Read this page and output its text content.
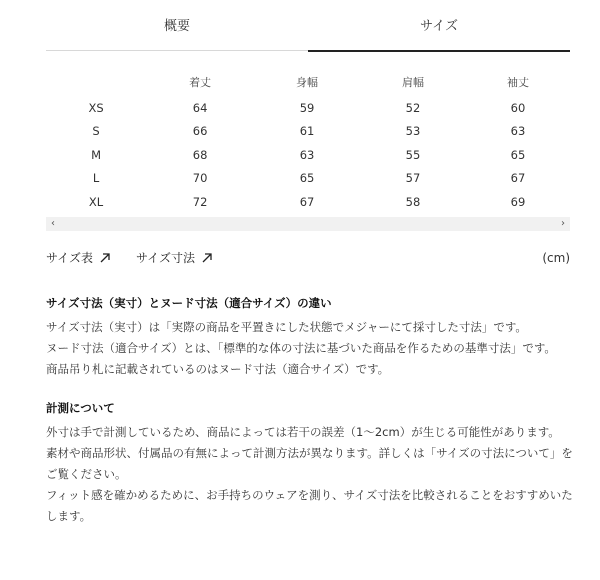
概要	サイズ
	着丈	身幅	肩幅	袖丈
XS	64	59	52	60
S	66	61	53	63
M	68	63	55	65
L	70	65	57	67
XL	72	67	58	69
‹	›
サイズ表	サイズ寸法	(cm)

サイズ寸法（実寸）とヌード寸法（適合サイズ）の違い

サイズ寸法（実寸）は「実際の商品を平置きにした状態でメジャーにて採寸した寸法」です。

ヌード寸法（適合サイズ）とは、「標準的な体の寸法に基づいた商品を作るための基準寸法」です。

商品吊り札に記載されているのはヌード寸法（適合サイズ）です。

計測について

外寸は手で計測しているため、商品によっては若干の誤差（1〜2cm）が生じる可能性があります。

素材や商品形状、付属品の有無によって計測方法が異なります。詳しくは「サイズの寸法について」をご覧ください。

フィット感を確かめるために、お手持ちのウェアを測り、サイズ寸法を比較されることをおすすめいたします。
